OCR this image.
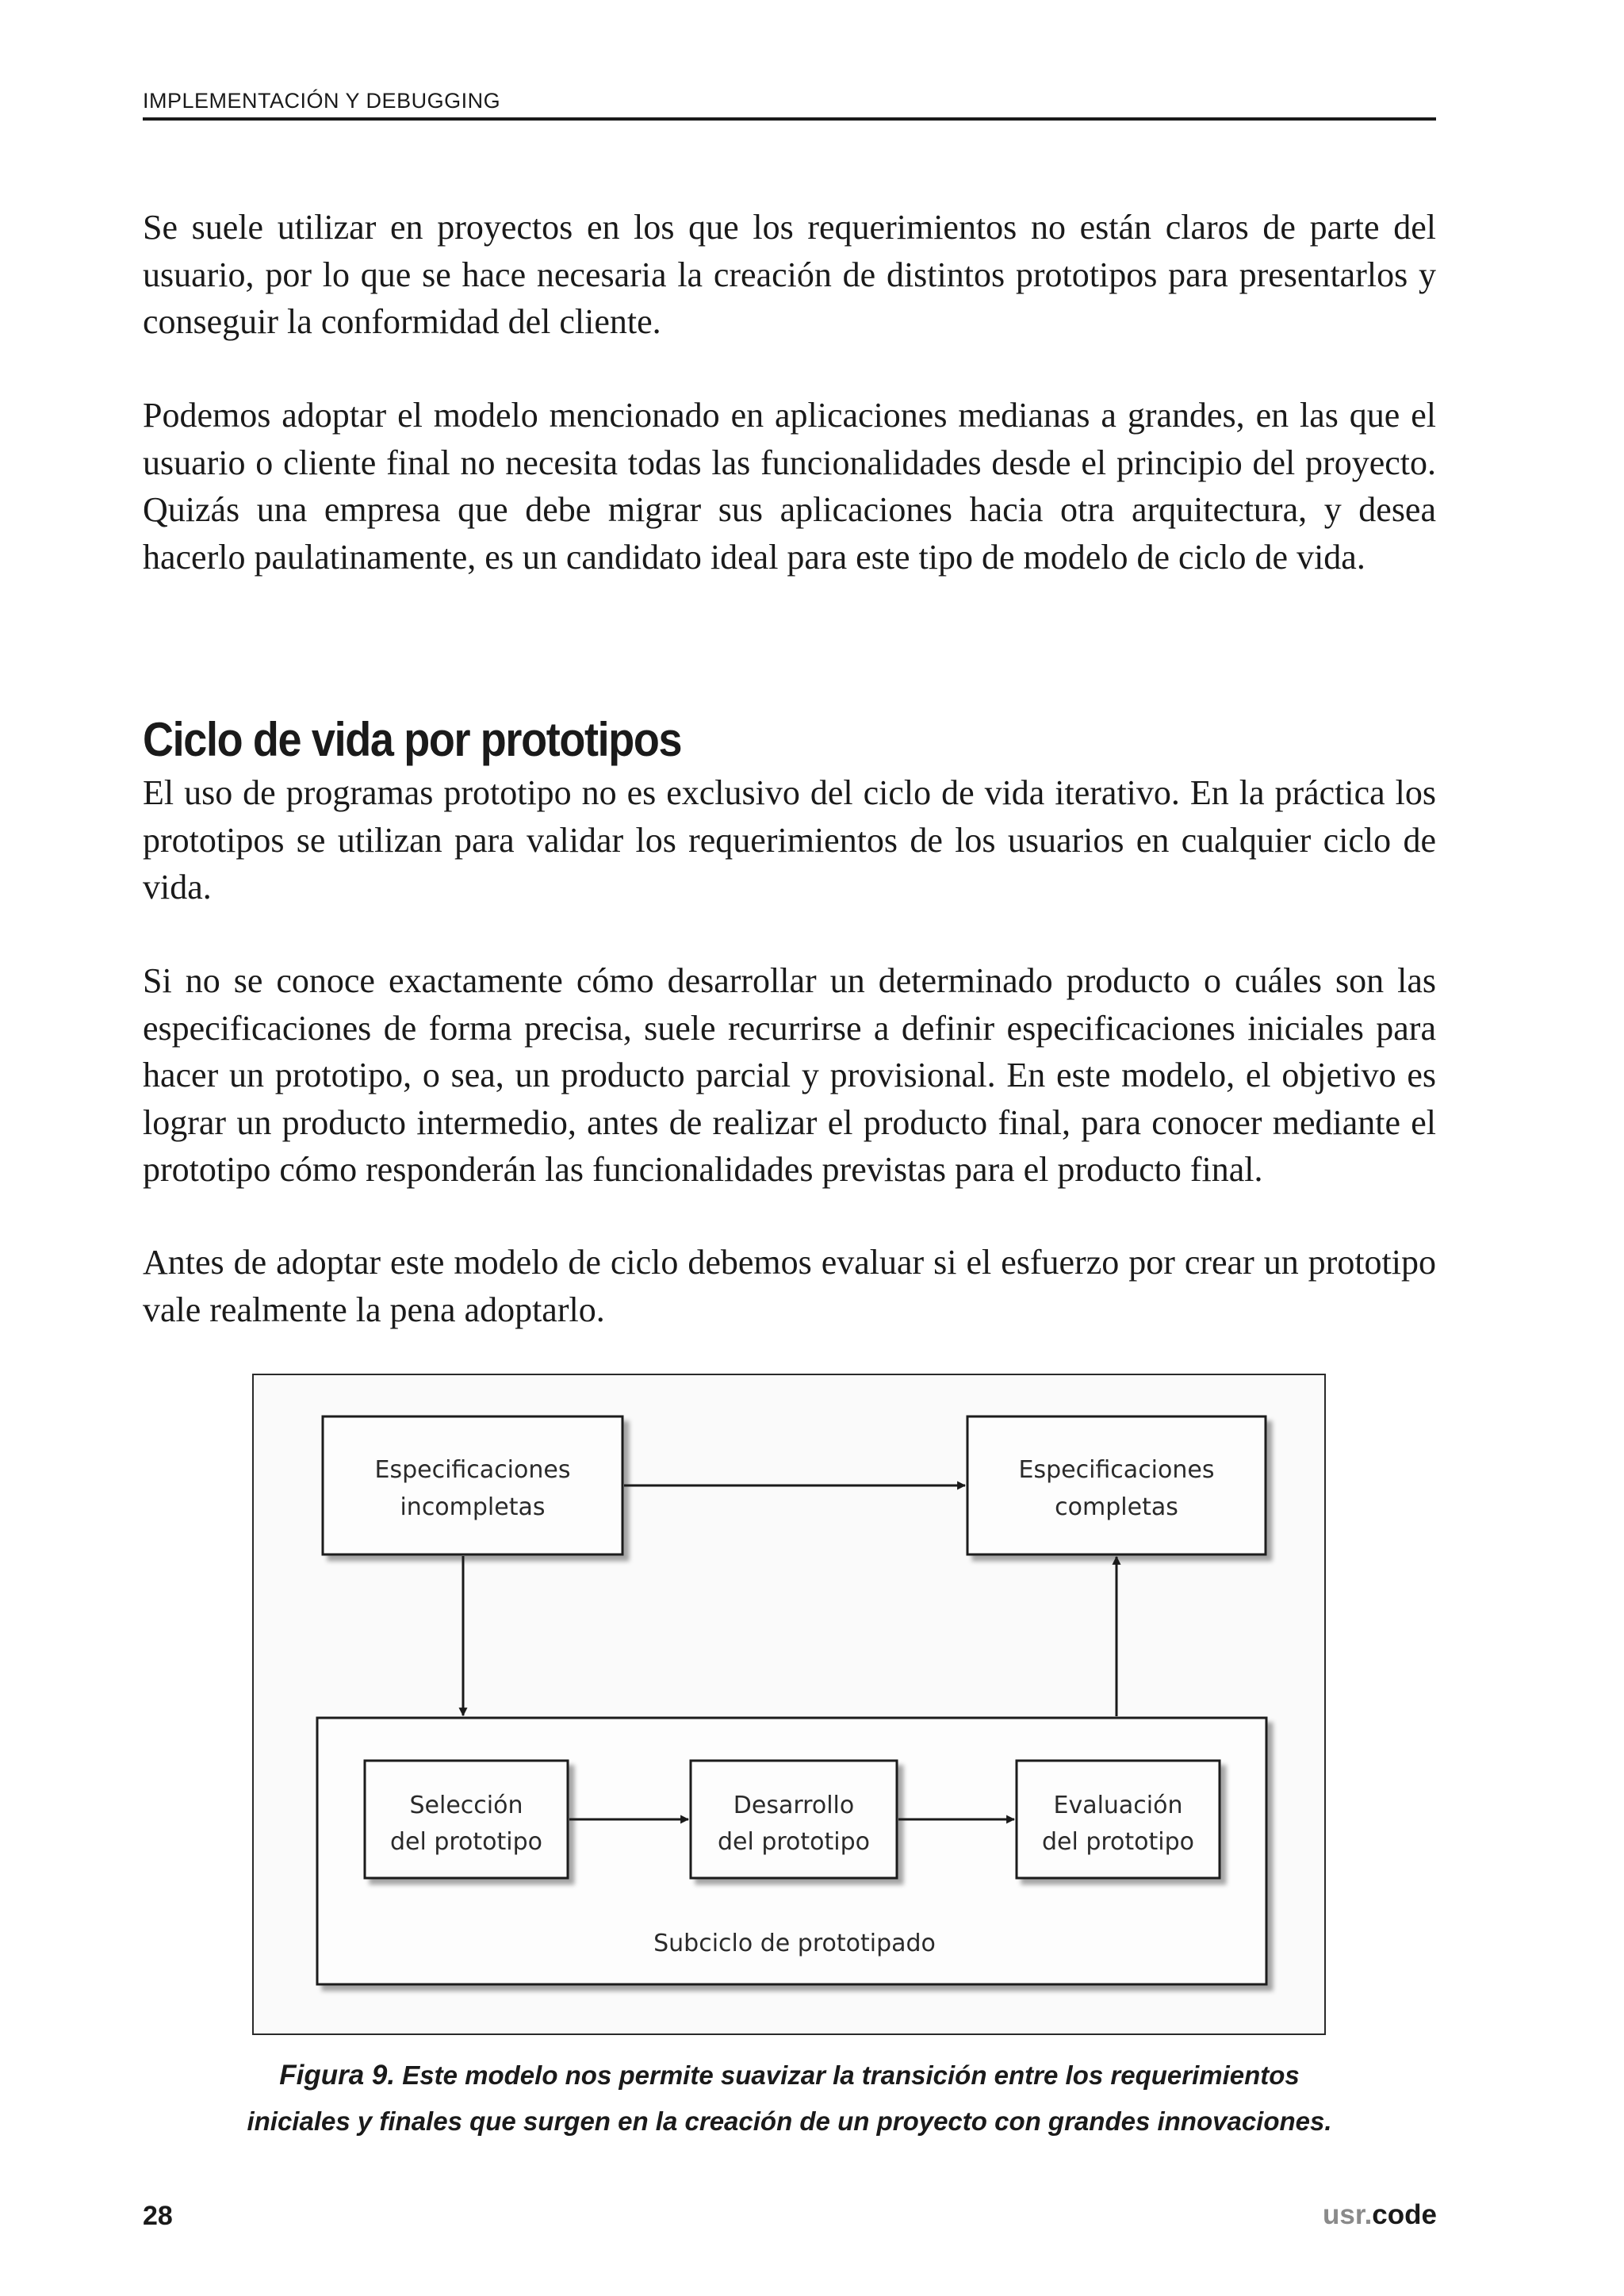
IMPLEMENTACIÓN Y DEBUGGING
Se suele utilizar en proyectos en los que los requerimientos no están claros de parte del usuario, por lo que se hace necesaria la creación de distintos prototipos para presentarlos y conseguir la conformidad del cliente.
Podemos adoptar el modelo mencionado en aplicaciones medianas a grandes, en las que el usuario o cliente final no necesita todas las funcionalidades desde el principio del proyecto. Quizás una empresa que debe migrar sus aplicaciones hacia otra arquitectura, y desea hacerlo paulatinamente, es un candidato ideal para este tipo de modelo de ciclo de vida.
Ciclo de vida por prototipos
El uso de programas prototipo no es exclusivo del ciclo de vida iterativo. En la práctica los prototipos se utilizan para validar los requerimientos de los usuarios en cualquier ciclo de vida.
Si no se conoce exactamente cómo desarrollar un determinado producto o cuáles son las especificaciones de forma precisa, suele recurrirse a definir especificaciones iniciales para hacer un prototipo, o sea, un producto parcial y provisional. En este modelo, el objetivo es lograr un producto intermedio, antes de realizar el producto final, para conocer mediante el prototipo cómo responderán las funcionalidades previstas para el producto final.
Antes de adoptar este modelo de ciclo debemos evaluar si el esfuerzo por crear un prototipo vale realmente la pena adoptarlo.
Especificaciones
incompletas
Especificaciones
completas
Subciclo de prototipado
Selección
del prototipo
Desarrollo
del prototipo
Evaluación
del prototipo
Figura 9. Este modelo nos permite suavizar la transición entre los requerimientos
iniciales y finales que surgen en la creación de un proyecto con grandes innovaciones.
28	usr.code
